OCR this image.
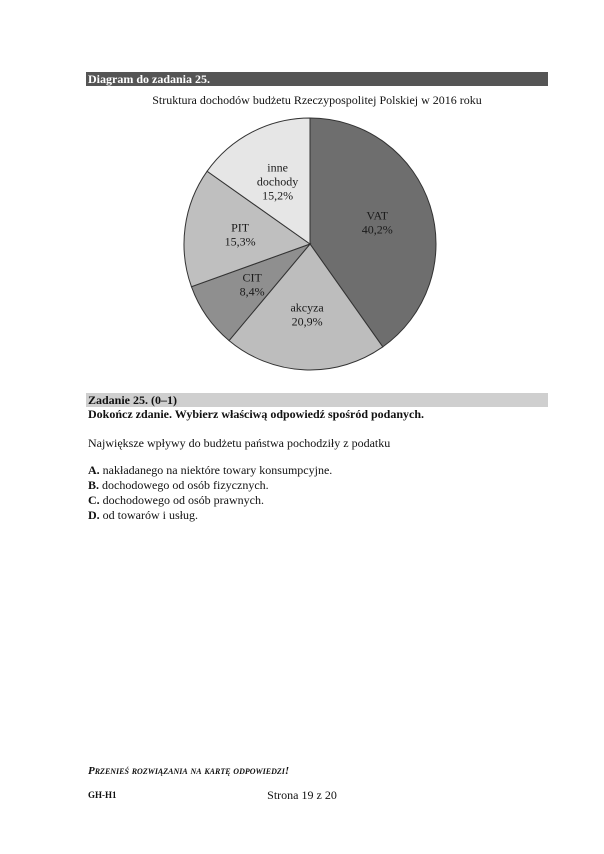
Diagram do zadania 25.
Struktura dochodów budżetu Rzeczypospolitej Polskiej w 2016 roku
VAT
40,2%
akcyza
20,9%
CIT
8,4%
PIT
15,3%
inne
dochody
15,2%
Zadanie 25. (0–1)
Dokończ zdanie. Wybierz właściwą odpowiedź spośród podanych.
Największe wpływy do budżetu państwa pochodziły z podatku
A. nakładanego na niektóre towary konsumpcyjne.
B. dochodowego od osób fizycznych.
C. dochodowego od osób prawnych.
D. od towarów i usług.
Przenieś rozwiązania na kartę odpowiedzi!
GH-H1	Strona 19 z 20
